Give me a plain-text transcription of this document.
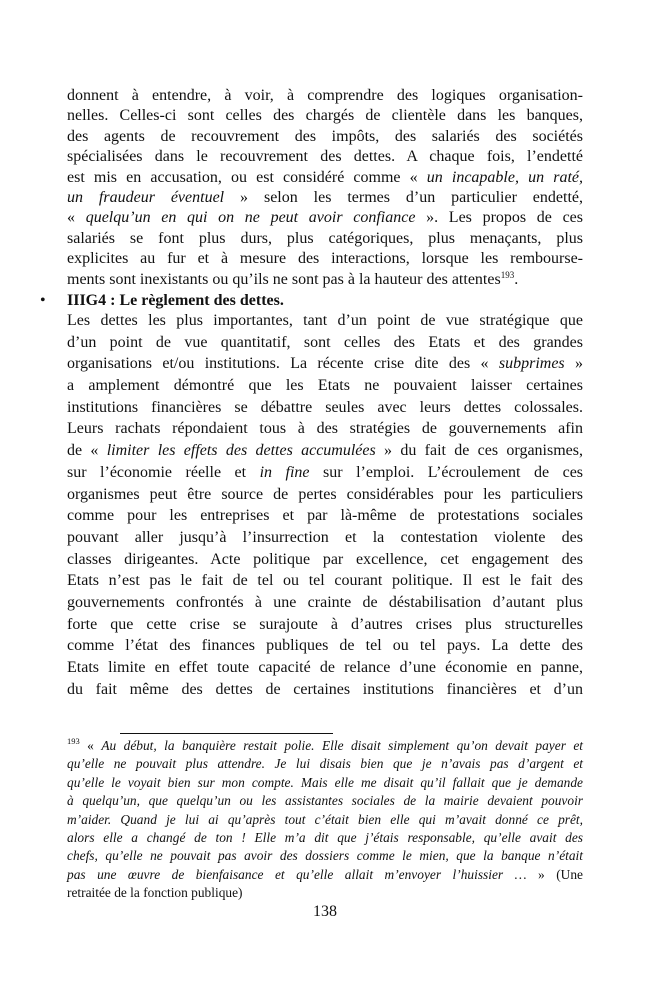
donnent à entendre, à voir, à comprendre des logiques organisation-
nelles. Celles-ci sont celles des chargés de clientèle dans les banques,
des agents de recouvrement des impôts, des salariés des sociétés
spécialisées dans le recouvrement des dettes. A chaque fois, l’endetté
est mis en accusation, ou est considéré comme « un incapable, un raté,
un fraudeur éventuel » selon les termes d’un particulier endetté,
« quelqu’un en qui on ne peut avoir confiance ». Les propos de ces
salariés se font plus durs, plus catégoriques, plus menaçants, plus
explicites au fur et à mesure des interactions, lorsque les rembourse-
ments sont inexistants ou qu’ils ne sont pas à la hauteur des attentes$^{193}$.
• IIIG4 : Le règlement des dettes.
Les dettes les plus importantes, tant d’un point de vue stratégique que
d’un point de vue quantitatif, sont celles des Etats et des grandes
organisations et/ou institutions. La récente crise dite des « subprimes »
a amplement démontré que les Etats ne pouvaient laisser certaines
institutions financières se débattre seules avec leurs dettes colossales.
Leurs rachats répondaient tous à des stratégies de gouvernements afin
de « limiter les effets des dettes accumulées » du fait de ces organismes,
sur l’économie réelle et in fine sur l’emploi. L’écroulement de ces
organismes peut être source de pertes considérables pour les particuliers
comme pour les entreprises et par là-même de protestations sociales
pouvant aller jusqu’à l’insurrection et la contestation violente des
classes dirigeantes. Acte politique par excellence, cet engagement des
Etats n’est pas le fait de tel ou tel courant politique. Il est le fait des
gouvernements confrontés à une crainte de déstabilisation d’autant plus
forte que cette crise se surajoute à d’autres crises plus structurelles
comme l’état des finances publiques de tel ou tel pays. La dette des
Etats limite en effet toute capacité de relance d’une économie en panne,
du fait même des dettes de certaines institutions financières et d’un
$^{193}$ « Au début, la banquière restait polie. Elle disait simplement qu’on devait payer et
qu’elle ne pouvait plus attendre. Je lui disais bien que je n’avais pas d’argent et
qu’elle le voyait bien sur mon compte. Mais elle me disait qu’il fallait que je demande
à quelqu’un, que quelqu’un ou les assistantes sociales de la mairie devaient pouvoir
m’aider. Quand je lui ai qu’après tout c’était bien elle qui m’avait donné ce prêt,
alors elle a changé de ton ! Elle m’a dit que j’étais responsable, qu’elle avait des
chefs, qu’elle ne pouvait pas avoir des dossiers comme le mien, que la banque n’était
pas une œuvre de bienfaisance et qu’elle allait m’envoyer l’huissier … » (Une
retraitée de la fonction publique)
138
